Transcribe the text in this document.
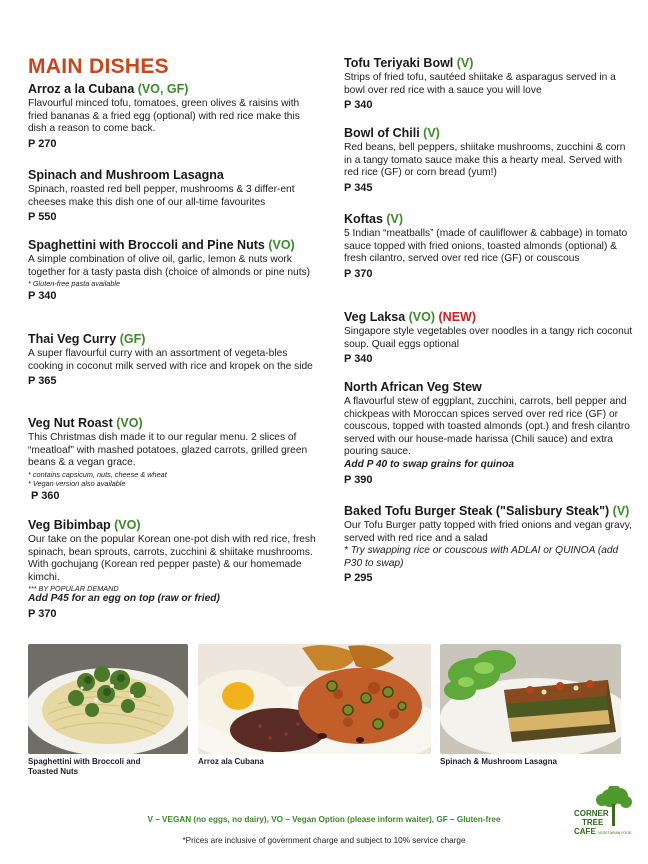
MAIN DISHES
Arroz a la Cubana (VO, GF)
Flavourful minced tofu, tomatoes, green olives & raisins with fried bananas & a fried egg (optional) with red rice make this dish a reason to come back.
P 270
Spinach and Mushroom Lasagna
Spinach, roasted red bell pepper, mushrooms & 3 differ-ent cheeses make this dish one of our all-time favourites
P 550
Spaghettini with Broccoli and Pine Nuts (VO)
A simple combination of olive oil, garlic, lemon & nuts work together for a tasty pasta dish (choice of almonds or pine nuts)
* Gluten-free pasta available
P 340
Thai Veg Curry (GF)
A super flavourful curry with an assortment of vegeta-bles cooking in coconut milk served with rice and kropek on the side
P 365
Veg Nut Roast (VO)
This Christmas dish made it to our regular menu. 2 slices of “meatloaf” with mashed potatoes, glazed carrots, grilled green beans & a vegan grace.
* contains capsicum, nuts, cheese & wheat
* Vegan version also available
P 360
Veg Bibimbap (VO)
Our take on the popular Korean one-pot dish with red rice, fresh spinach, bean sprouts, carrots, zucchini & shiitake mushrooms. With gochujang (Korean red pepper paste) & our homemade kimchi.
*** BY POPULAR DEMAND
Add P45 for an egg on top (raw or fried)
P 370
Tofu Teriyaki Bowl (V)
Strips of fried tofu, sautéed shiitake & asparagus served in a bowl over red rice with a sauce you will love
P 340
Bowl of Chili (V)
Red beans, bell peppers, shiitake mushrooms, zucchini & corn in a tangy tomato sauce make this a hearty meal. Served with red rice (GF) or corn bread (yum!)
P 345
Koftas (V)
5 Indian “meatballs” (made of cauliflower & cabbage) in tomato sauce topped with fried onions, toasted almonds (optional) & fresh cilantro, served over red rice (GF) or couscous
P 370
Veg Laksa (VO) (NEW)
Singapore style vegetables over noodles in a tangy rich coconut soup. Quail eggs optional
P 340
North African Veg Stew
A flavourful stew of eggplant, zucchini, carrots, bell pepper and chickpeas with Moroccan spices served over red rice (GF) or couscous, topped with toasted almonds (opt.) and fresh cilantro served with our house-made harissa (Chili sauce) and extra pouring sauce.
Add P 40 to swap grains for quinoa
P 390
Baked Tofu Burger Steak ("Salisbury Steak") (V)
Our Tofu Burger patty topped with fried onions and vegan gravy, served with red rice and a salad
* Try swapping rice or couscous with ADLAI or QUINOA (add P30 to swap)
P 295
Spaghettini with Broccoli and Toasted Nuts
Arroz ala Cubana	Spinach & Mushroom Lasagna
V – VEGAN (no eggs, no dairy), VO – Vegan Option (please inform waiter), GF – Gluten-free
*Prices are inclusive of government charge and subject to 10% service charge
CORNER
TREE
CAFE VEGETARIAN FOOD
